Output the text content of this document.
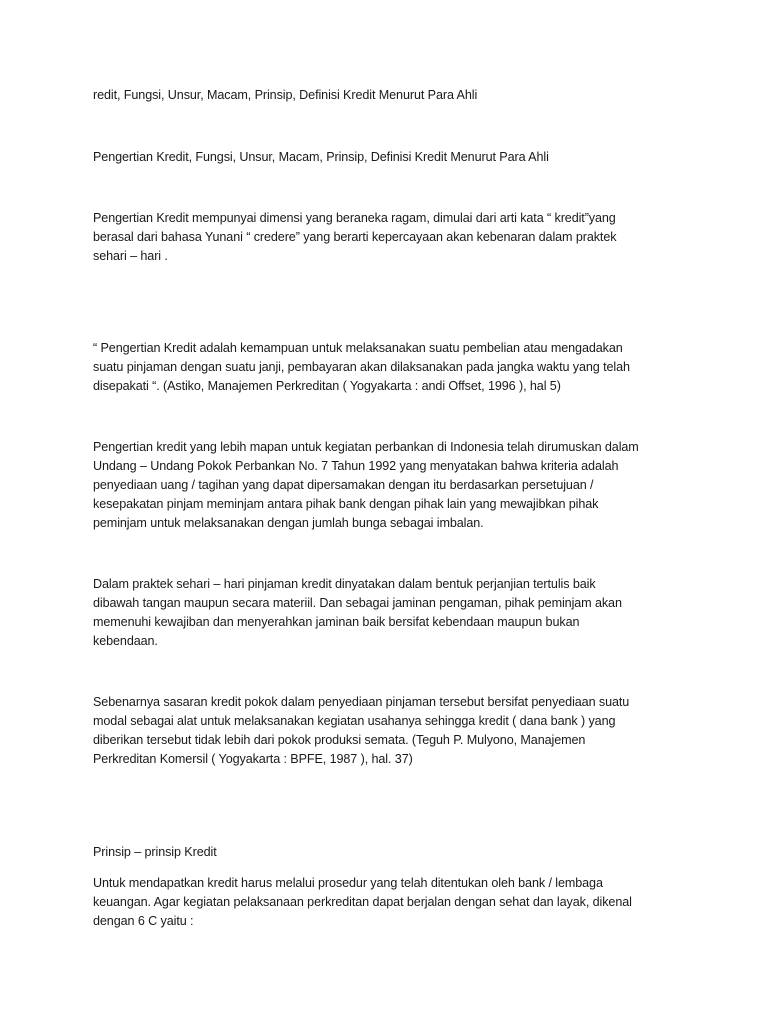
redit, Fungsi, Unsur, Macam, Prinsip, Definisi Kredit Menurut Para Ahli

Pengertian Kredit, Fungsi, Unsur, Macam, Prinsip, Definisi Kredit Menurut Para Ahli

Pengertian Kredit mempunyai dimensi yang beraneka ragam, dimulai dari arti kata “ kredit”yang
berasal dari bahasa Yunani “ credere” yang berarti kepercayaan akan kebenaran dalam praktek
sehari – hari .

“ Pengertian Kredit adalah kemampuan untuk melaksanakan suatu pembelian atau mengadakan
suatu pinjaman dengan suatu janji, pembayaran akan dilaksanakan pada jangka waktu yang telah
disepakati “. (Astiko, Manajemen Perkreditan ( Yogyakarta : andi Offset, 1996 ), hal 5)

Pengertian kredit yang lebih mapan untuk kegiatan perbankan di Indonesia telah dirumuskan dalam
Undang – Undang Pokok Perbankan No. 7 Tahun 1992 yang menyatakan bahwa kriteria adalah
penyediaan uang / tagihan yang dapat dipersamakan dengan itu berdasarkan persetujuan /
kesepakatan pinjam meminjam antara pihak bank dengan pihak lain yang mewajibkan pihak
peminjam untuk melaksanakan dengan jumlah bunga sebagai imbalan.

Dalam praktek sehari – hari pinjaman kredit dinyatakan dalam bentuk perjanjian tertulis baik
dibawah tangan maupun secara materiil. Dan sebagai jaminan pengaman, pihak peminjam akan
memenuhi kewajiban dan menyerahkan jaminan baik bersifat kebendaan maupun bukan
kebendaan.

Sebenarnya sasaran kredit pokok dalam penyediaan pinjaman tersebut bersifat penyediaan suatu
modal sebagai alat untuk melaksanakan kegiatan usahanya sehingga kredit ( dana bank ) yang
diberikan tersebut tidak lebih dari pokok produksi semata. (Teguh P. Mulyono, Manajemen
Perkreditan Komersil ( Yogyakarta : BPFE, 1987 ), hal. 37)

Prinsip – prinsip Kredit

Untuk mendapatkan kredit harus melalui prosedur yang telah ditentukan oleh bank / lembaga
keuangan. Agar kegiatan pelaksanaan perkreditan dapat berjalan dengan sehat dan layak, dikenal
dengan 6 C yaitu :
